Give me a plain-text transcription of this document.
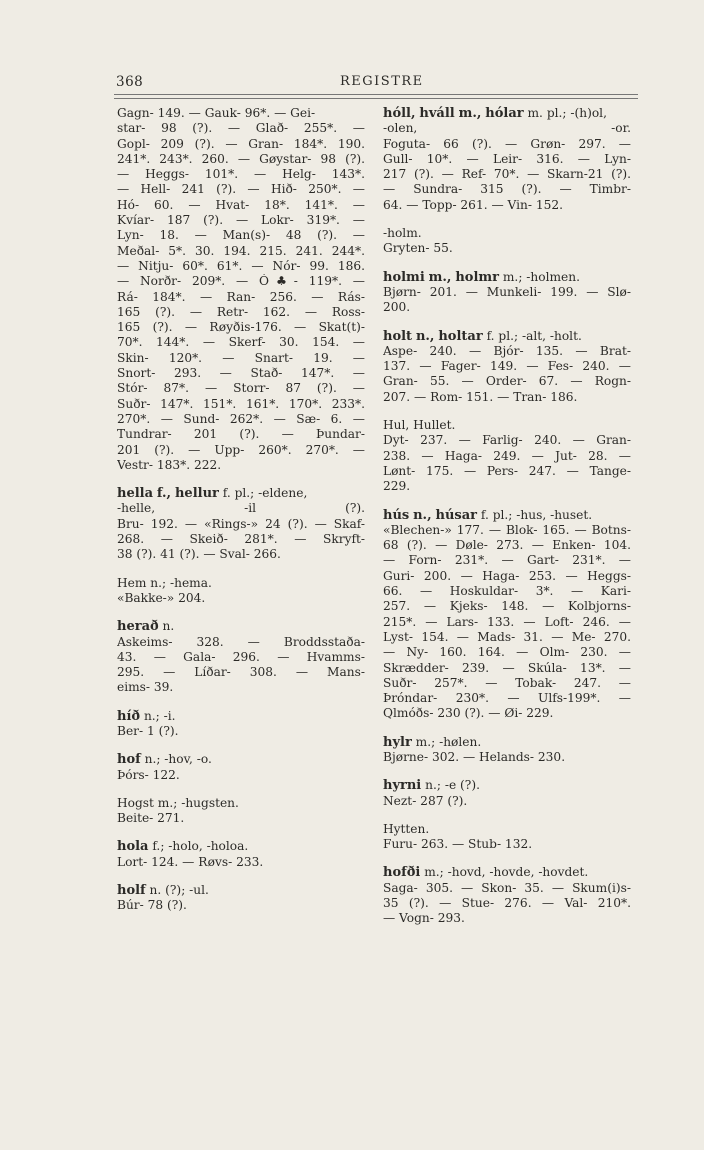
368	REGISTRE
Gagn- 149. — Gauk- 96*. — Gei-
star- 98 (?). — Glað- 255*. —
Gopl- 209 (?). — Gran- 184*. 190.
241*. 243*. 260. — Gøystar- 98 (?).
— Heggs- 101*. — Helg- 143*.
— Hell- 241 (?). — Hið- 250*. —
Hó- 60. — Hvat- 18*. 141*. —
Kvíar- 187 (?). — Lokr- 319*. —
Lyn- 18. — Man(s)- 48 (?). —
Meðal- 5*. 30. 194. 215. 241. 244*.
— Nitju- 60*. 61*. — Nór- 99. 186.
— Norðr- 209*. — Ó♣- 119*. —
Rá- 184*. — Ran- 256. — Rás-
165 (?). — Retr- 162. — Ross-
165 (?). — Røyðis-176. — Skat(t)-
70*. 144*. — Skerf- 30. 154. —
Skin- 120*. — Snart- 19. —
Snort- 293. — Stað- 147*. —
Stór- 87*. — Storr- 87 (?). —
Suðr- 147*. 151*. 161*. 170*. 233*.
270*. — Sund- 262*. — Sæ- 6. —
Tundrar- 201 (?). — Þundar-
201 (?). — Upp- 260*. 270*. —
Vestr- 183*. 222.
hella f., hellur f. pl.; -eldene,
-helle, -il (?).
Bru- 192. — «Rings-» 24 (?). — Skaf-
268. — Skeið- 281*. — Skryft-
38 (?). 41 (?). — Sval- 266.
Hem n.; -hema.
«Bakke-» 204.
herað n.
Askeims- 328. — Broddsstaða-
43. — Gala- 296. — Hvamms-
295. — Líðar- 308. — Mans-
eims- 39.
híð n.; -i.
Ber- 1 (?).
hof n.; -hov, -o.
Þórs- 122.
Hogst m.; -hugsten.
Beite- 271.
hola f.; -holo, -holoa.
Lort- 124. — Røvs- 233.
holf n. (?); -ul.
Búr- 78 (?).
hóll, hváll m., hólar m. pl.; -(h)ol,
-olen, -or.
Foguta- 66 (?). — Grøn- 297. —
Gull- 10*. — Leir- 316. — Lyn-
217 (?). — Ref- 70*. — Skarn-21 (?).
— Sundra- 315 (?). — Timbr-
64. — Topp- 261. — Vin- 152.
-holm.
Gryten- 55.
holmi m., holmr m.; -holmen.
Bjørn- 201. — Munkeli- 199. — Slø-
200.
holt n., holtar f. pl.; -alt, -holt.
Aspe- 240. — Bjór- 135. — Brat-
137. — Fager- 149. — Fes- 240. —
Gran- 55. — Order- 67. — Rogn-
207. — Rom- 151. — Tran- 186.
Hul, Hullet.
Dyt- 237. — Farlig- 240. — Gran-
238. — Haga- 249. — Jut- 28. —
Lønt- 175. — Pers- 247. — Tange-
229.
hús n., húsar f. pl.; -hus, -huset.
«Blechen-» 177. — Blok- 165. — Botns-
68 (?). — Døle- 273. — Enken- 104.
— Forn- 231*. — Gart- 231*. —
Guri- 200. — Haga- 253. — Heggs-
66. — Hoskuldar- 3*. — Kari-
257. — Kjeks- 148. — Kolbjorns-
215*. — Lars- 133. — Loft- 246. —
Lyst- 154. — Mads- 31. — Me- 270.
— Ny- 160. 164. — Olm- 230. —
Skrædder- 239. — Skúla- 13*. —
Suðr- 257*. — Tobak- 247. —
Þróndar- 230*. — Ulfs-199*. —
Qlmóðs- 230 (?). — Øi- 229.
hylr m.; -hølen.
Bjørne- 302. — Helands- 230.
hyrni n.; -e (?).
Nezt- 287 (?).
Hytten.
Furu- 263. — Stub- 132.
hofði m.; -hovd, -hovde, -hovdet.
Saga- 305. — Skon- 35. — Skum(i)s-
35 (?). — Stue- 276. — Val- 210*.
— Vogn- 293.
